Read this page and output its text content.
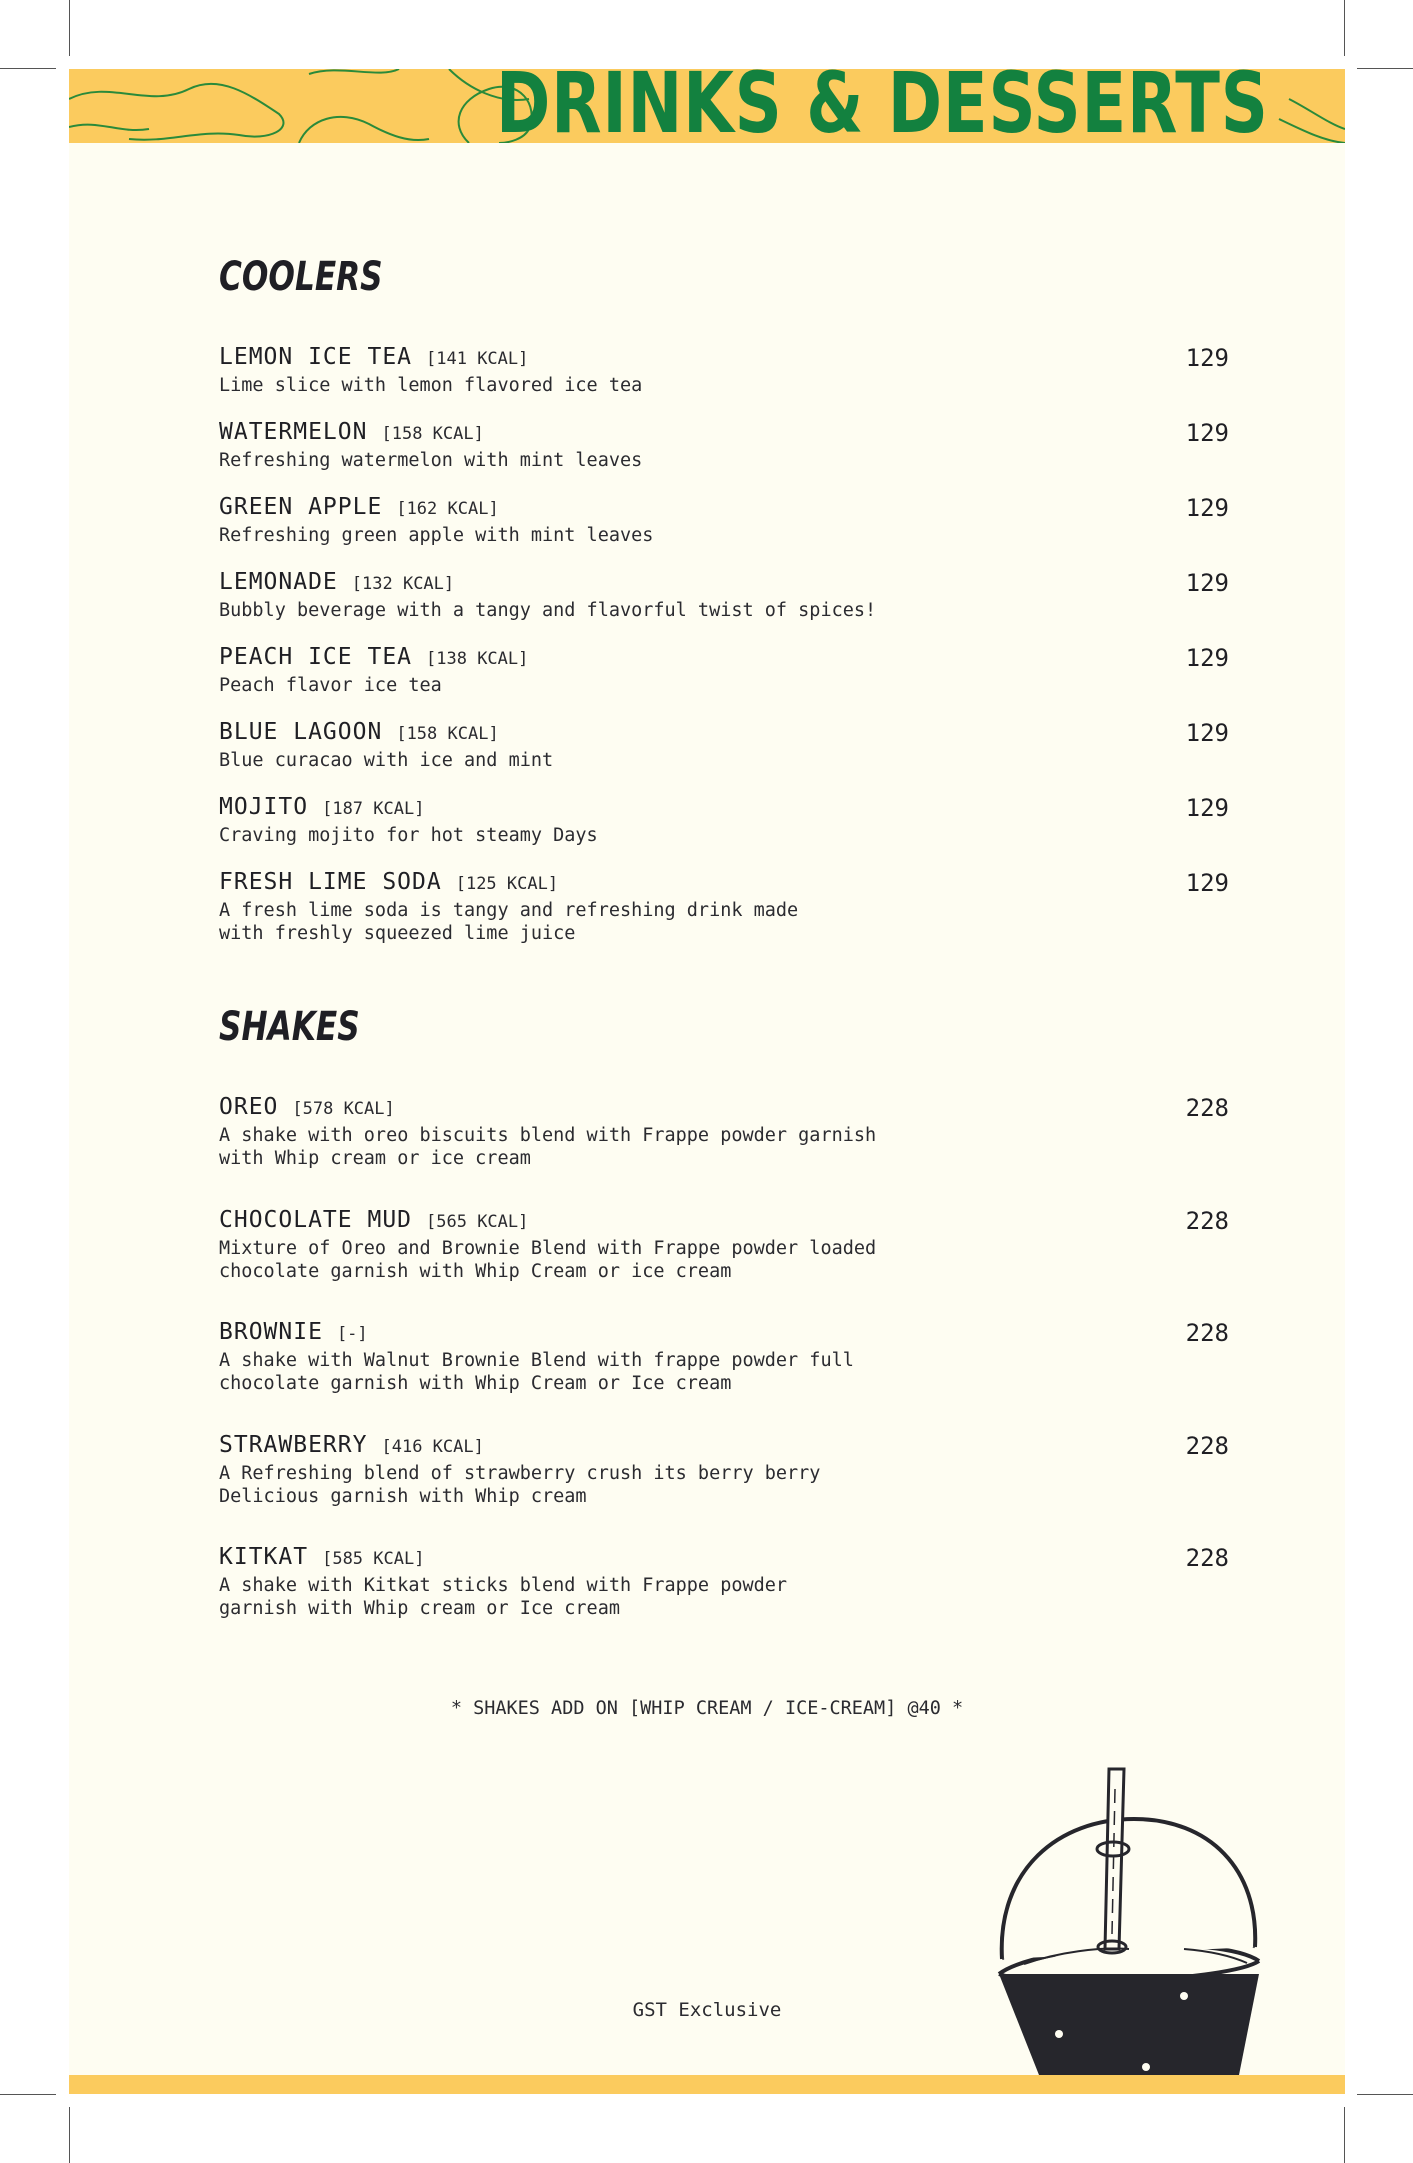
DRINKS & DESSERTS
COOLERS
LEMON ICE TEA [141 KCAL]	129
Lime slice with lemon flavored ice tea
WATERMELON [158 KCAL]	129
Refreshing watermelon with mint leaves
GREEN APPLE [162 KCAL]	129
Refreshing green apple with mint leaves
LEMONADE [132 KCAL]	129
Bubbly beverage with a tangy and flavorful twist of spices!
PEACH ICE TEA [138 KCAL]	129
Peach flavor ice tea
BLUE LAGOON [158 KCAL]	129
Blue curacao with ice and mint
MOJITO [187 KCAL]	129
Craving mojito for hot steamy Days
FRESH LIME SODA [125 KCAL]	129
A fresh lime soda is tangy and refreshing drink made
with freshly squeezed lime juice
SHAKES
OREO [578 KCAL]	228
A shake with oreo biscuits blend with Frappe powder garnish
with Whip cream or ice cream
CHOCOLATE MUD [565 KCAL]	228
Mixture of Oreo and Brownie Blend with Frappe powder loaded
chocolate garnish with Whip Cream or ice cream
BROWNIE [-]	228
A shake with Walnut Brownie Blend with frappe powder full
chocolate garnish with Whip Cream or Ice cream
STRAWBERRY [416 KCAL]	228
A Refreshing blend of strawberry crush its berry berry
Delicious garnish with Whip cream
KITKAT [585 KCAL]	228
A shake with Kitkat sticks blend with Frappe powder
garnish with Whip cream or Ice cream
* SHAKES ADD ON [WHIP CREAM / ICE-CREAM] @40 *
GST Exclusive
